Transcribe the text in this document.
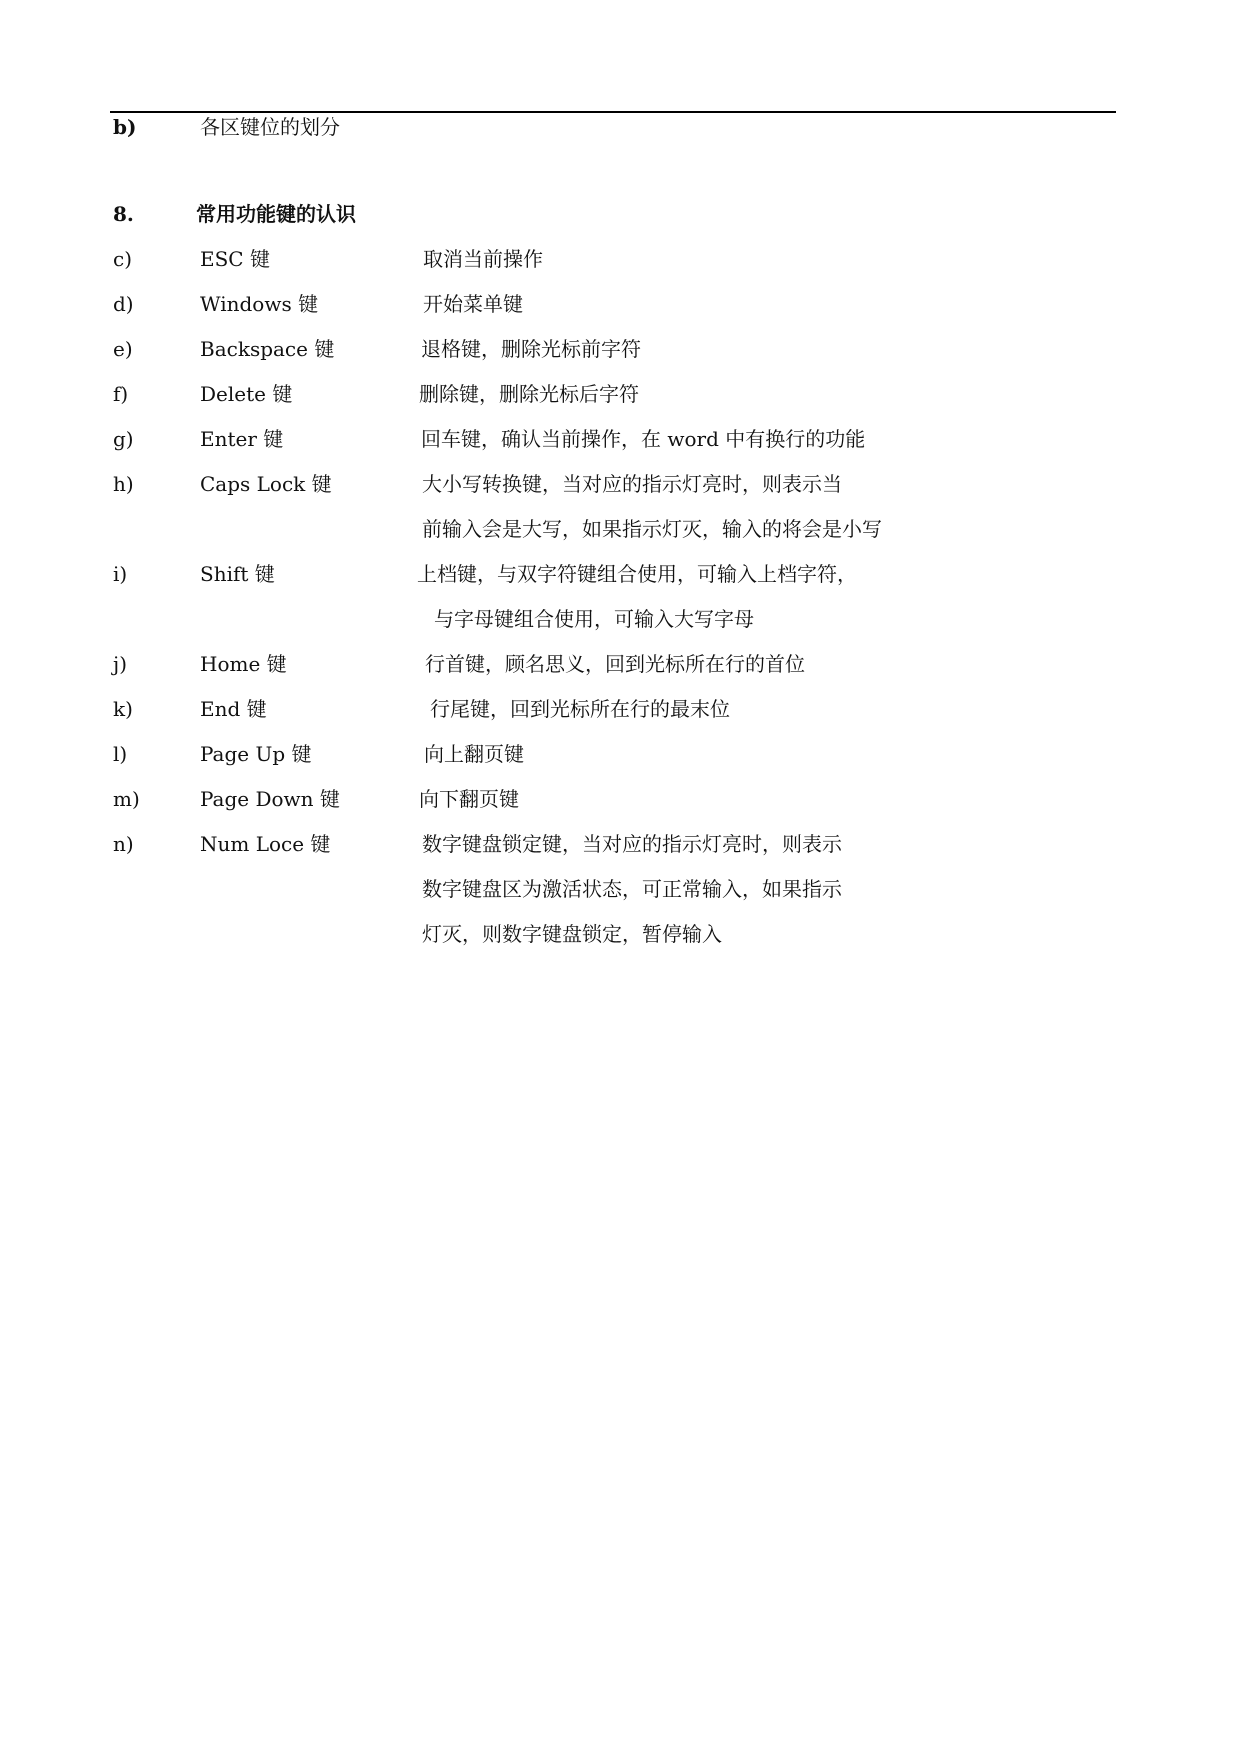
b)	各区键位的划分
8.	常用功能键的认识
c)	ESC 键	取消当前操作
d)	Windows 键	开始菜单键
e)	Backspace 键	退格键，删除光标前字符
f)	Delete 键	删除键，删除光标后字符
g)	Enter 键	回车键，确认当前操作，在 word 中有换行的功能
h)	Caps Lock 键	大小写转换键，当对应的指示灯亮时，则表示当
前输入会是大写，如果指示灯灭，输入的将会是小写
i)	Shift 键	上档键，与双字符键组合使用，可输入上档字符，
与字母键组合使用，可输入大写字母
j)	Home 键	行首键，顾名思义，回到光标所在行的首位
k)	End 键	行尾键，回到光标所在行的最末位
l)	Page Up 键	向上翻页键
m)	Page Down 键	向下翻页键
n)	Num Loce 键	数字键盘锁定键，当对应的指示灯亮时，则表示
数字键盘区为激活状态，可正常输入，如果指示
灯灭，则数字键盘锁定，暂停输入
